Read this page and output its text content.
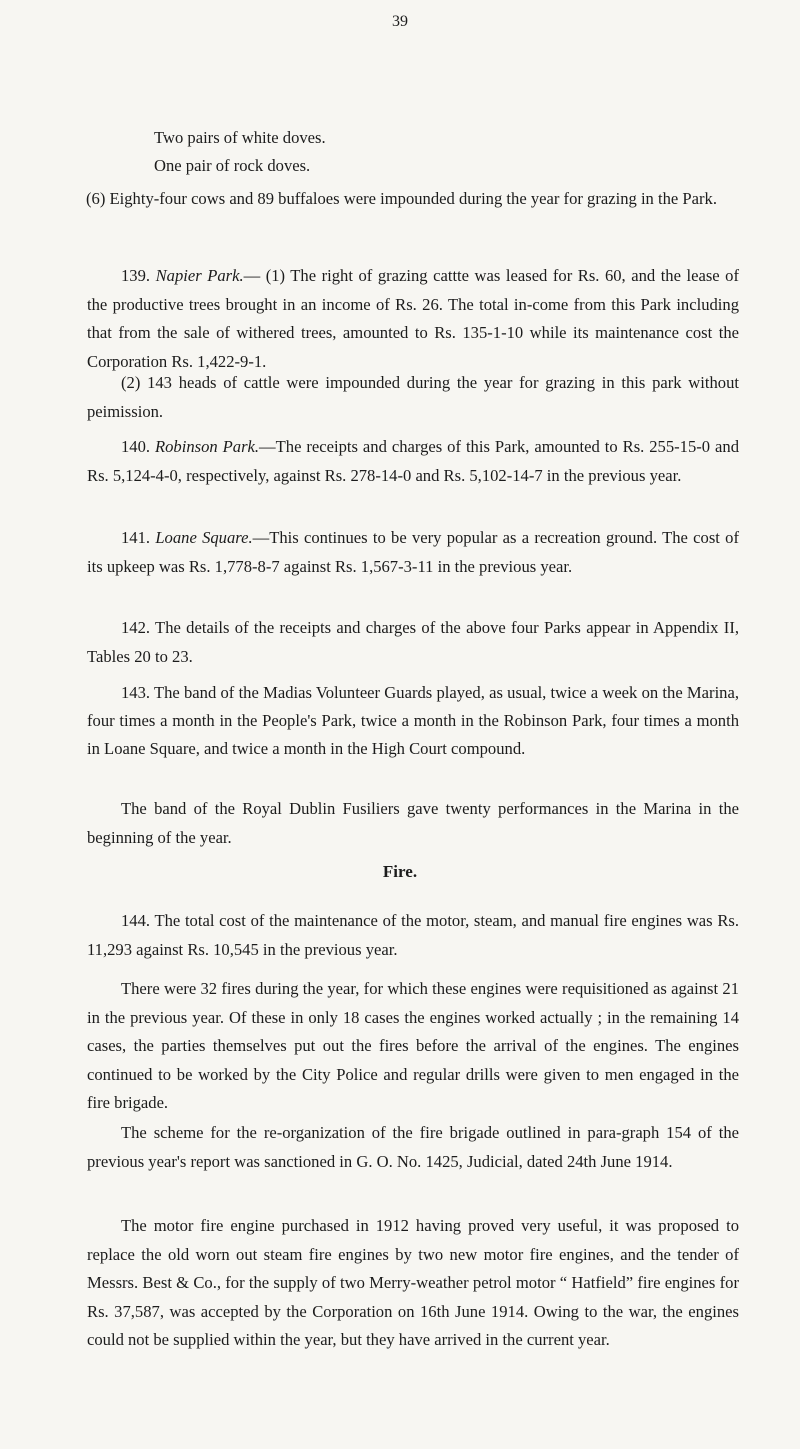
39

Two pairs of white doves.

One pair of rock doves.

(6) Eighty-four cows and 89 buffaloes were impounded during the year for grazing in the Park.

139. Napier Park.— (1) The right of grazing cattte was leased for Rs. 60, and the lease of the productive trees brought in an income of Rs. 26. The total in-come from this Park including that from the sale of withered trees, amounted to Rs. 135-1-10 while its maintenance cost the Corporation Rs. 1,422-9-1.

(2) 143 heads of cattle were impounded during the year for grazing in this park without peimission.

140. Robinson Park.—The receipts and charges of this Park, amounted to Rs. 255-15-0 and Rs. 5,124-4-0, respectively, against Rs. 278-14-0 and Rs. 5,102-14-7 in the previous year.

141. Loane Square.—This continues to be very popular as a recreation ground. The cost of its upkeep was Rs. 1,778-8-7 against Rs. 1,567-3-11 in the previous year.

142. The details of the receipts and charges of the above four Parks appear in Appendix II, Tables 20 to 23.

143. The band of the Madias Volunteer Guards played, as usual, twice a week on the Marina, four times a month in the People's Park, twice a month in the Robinson Park, four times a month in Loane Square, and twice a month in the High Court compound.

The band of the Royal Dublin Fusiliers gave twenty performances in the Marina in the beginning of the year.

Fire.

144. The total cost of the maintenance of the motor, steam, and manual fire engines was Rs. 11,293 against Rs. 10,545 in the previous year.

There were 32 fires during the year, for which these engines were requisitioned as against 21 in the previous year. Of these in only 18 cases the engines worked actually ; in the remaining 14 cases, the parties themselves put out the fires before the arrival of the engines. The engines continued to be worked by the City Police and regular drills were given to men engaged in the fire brigade.

The scheme for the re-organization of the fire brigade outlined in para-graph 154 of the previous year's report was sanctioned in G. O. No. 1425, Judicial, dated 24th June 1914.

The motor fire engine purchased in 1912 having proved very useful, it was proposed to replace the old worn out steam fire engines by two new motor fire engines, and the tender of Messrs. Best & Co., for the supply of two Merry-weather petrol motor “ Hatfield” fire engines for Rs. 37,587, was accepted by the Corporation on 16th June 1914. Owing to the war, the engines could not be supplied within the year, but they have arrived in the current year.
